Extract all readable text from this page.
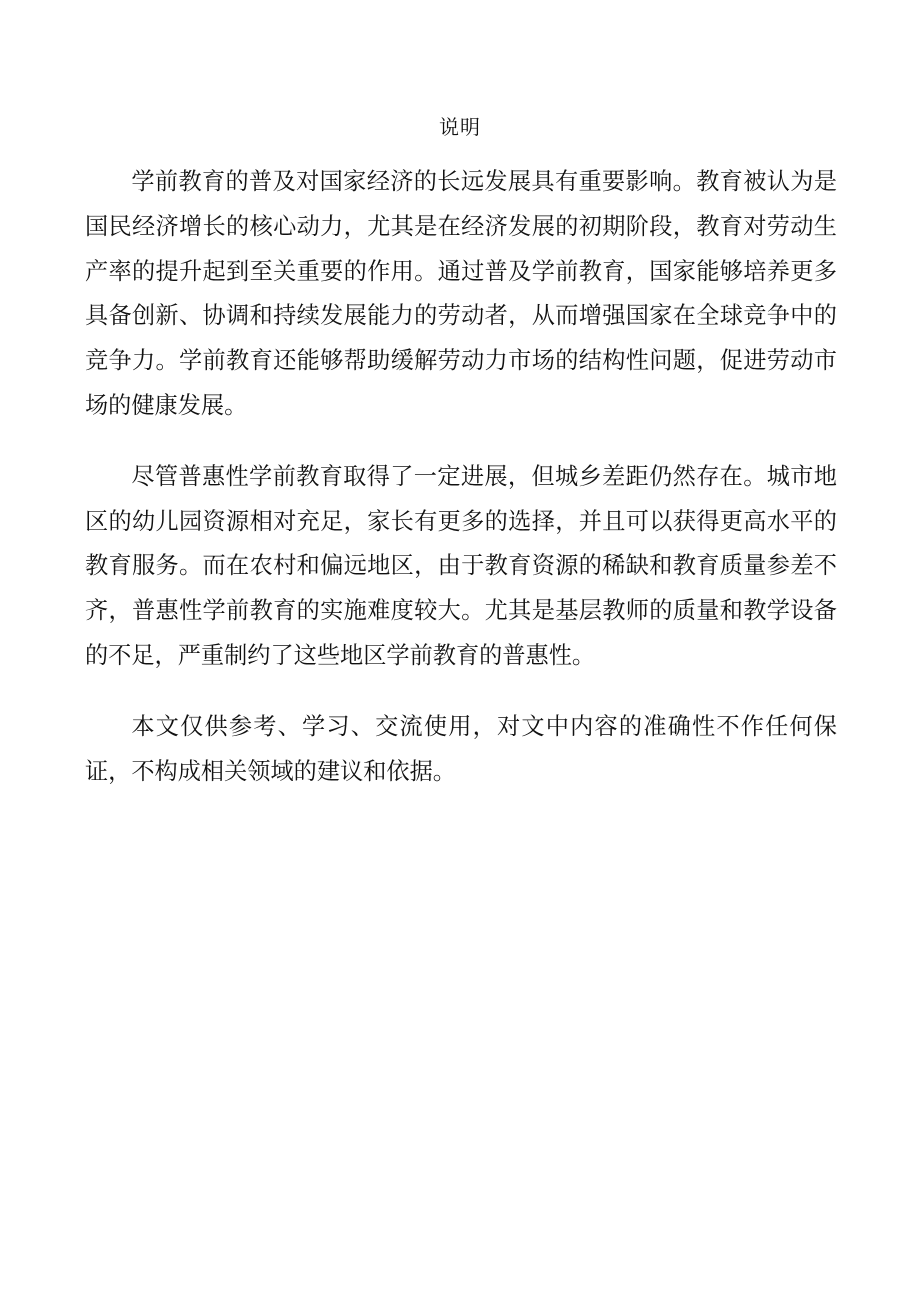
说明

学前教育的普及对国家经济的长远发展具有重要影响。教育被认为是国民经济增长的核心动力，尤其是在经济发展的初期阶段，教育对劳动生产率的提升起到至关重要的作用。通过普及学前教育，国家能够培养更多具备创新、协调和持续发展能力的劳动者，从而增强国家在全球竞争中的竞争力。学前教育还能够帮助缓解劳动力市场的结构性问题，促进劳动市场的健康发展。

尽管普惠性学前教育取得了一定进展，但城乡差距仍然存在。城市地区的幼儿园资源相对充足，家长有更多的选择，并且可以获得更高水平的教育服务。而在农村和偏远地区，由于教育资源的稀缺和教育质量参差不齐，普惠性学前教育的实施难度较大。尤其是基层教师的质量和教学设备的不足，严重制约了这些地区学前教育的普惠性。

本文仅供参考、学习、交流使用，对文中内容的准确性不作任何保证，不构成相关领域的建议和依据。
